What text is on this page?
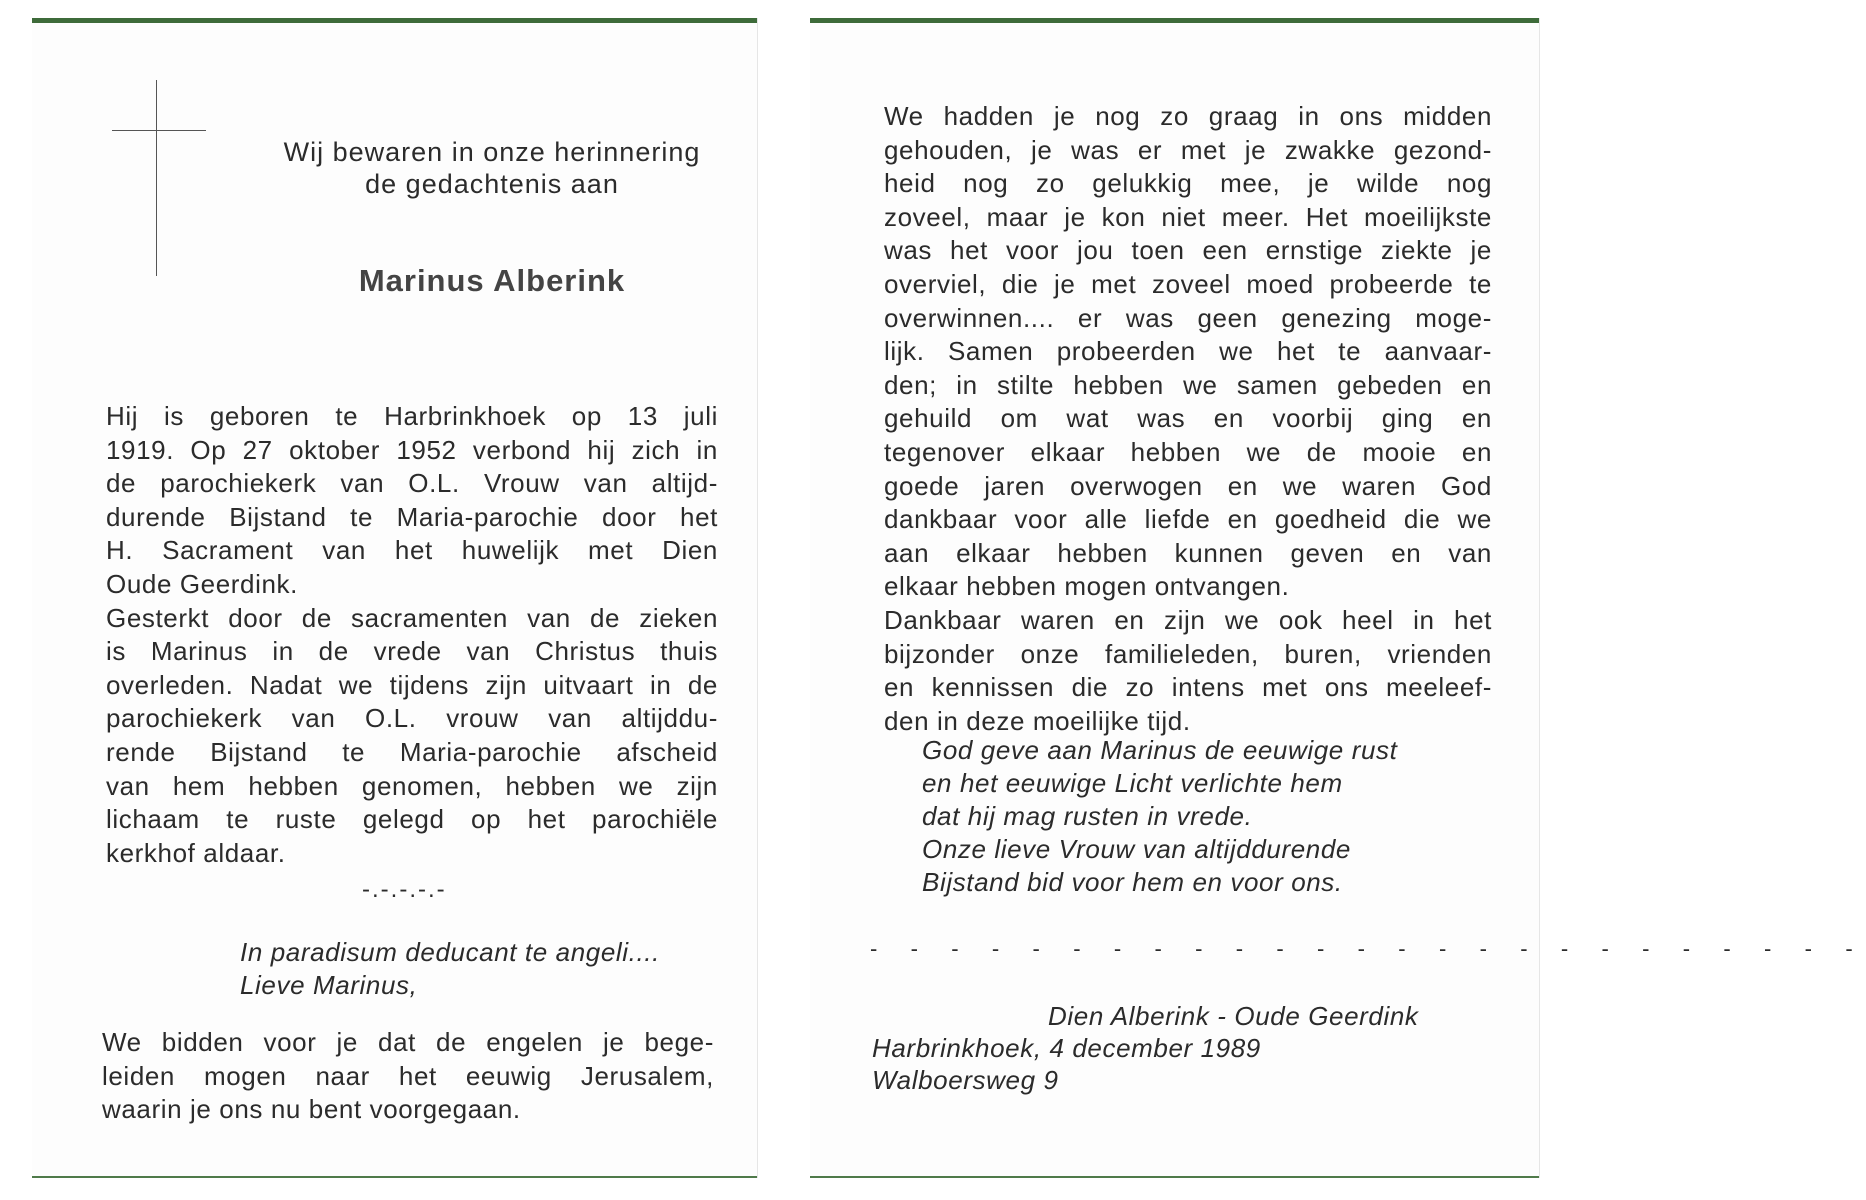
Wij bewaren in onze herinnering
de gedachtenis aan
Marinus Alberink
Hij is geboren te Harbrinkhoek op 13 juli
1919. Op 27 oktober 1952 verbond hij zich in
de parochiekerk van O.L. Vrouw van altijd-
durende Bijstand te Maria-parochie door het
H. Sacrament van het huwelijk met Dien
Oude Geerdink.
Gesterkt door de sacramenten van de zieken
is Marinus in de vrede van Christus thuis
overleden. Nadat we tijdens zijn uitvaart in de
parochiekerk van O.L. vrouw van altijddu-
rende Bijstand te Maria-parochie afscheid
van hem hebben genomen, hebben we zijn
lichaam te ruste gelegd op het parochiële
kerkhof aldaar.
-.-.-.-.-
In paradisum deducant te angeli....
Lieve Marinus,
We bidden voor je dat de engelen je bege-
leiden mogen naar het eeuwig Jerusalem,
waarin je ons nu bent voorgegaan.
We hadden je nog zo graag in ons midden
gehouden, je was er met je zwakke gezond-
heid nog zo gelukkig mee, je wilde nog
zoveel, maar je kon niet meer. Het moeilijkste
was het voor jou toen een ernstige ziekte je
overviel, die je met zoveel moed probeerde te
overwinnen.... er was geen genezing moge-
lijk. Samen probeerden we het te aanvaar-
den; in stilte hebben we samen gebeden en
gehuild om wat was en voorbij ging en
tegenover elkaar hebben we de mooie en
goede jaren overwogen en we waren God
dankbaar voor alle liefde en goedheid die we
aan elkaar hebben kunnen geven en van
elkaar hebben mogen ontvangen.
Dankbaar waren en zijn we ook heel in het
bijzonder onze familieleden, buren, vrienden
en kennissen die zo intens met ons meeleef-
den in deze moeilijke tijd.
God geve aan Marinus de eeuwige rust
en het eeuwige Licht verlichte hem
dat hij mag rusten in vrede.
Onze lieve Vrouw van altijddurende
Bijstand bid voor hem en voor ons.
- - - - - - - - - - - - - - - - - - - - - - - - -
Dien Alberink - Oude Geerdink
Harbrinkhoek, 4 december 1989
Walboersweg 9
